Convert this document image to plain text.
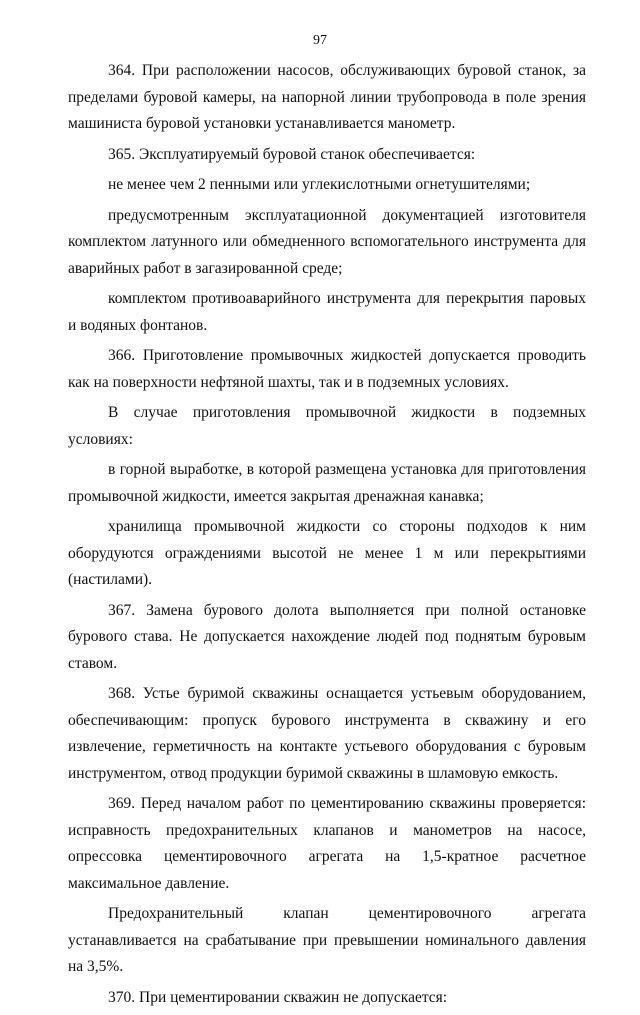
97

364. При расположении насосов, обслуживающих буровой станок, за пределами буровой камеры, на напорной линии трубопровода в поле зрения машиниста буровой установки устанавливается манометр.

365. Эксплуатируемый буровой станок обеспечивается:

не менее чем 2 пенными или углекислотными огнетушителями;

предусмотренным эксплуатационной документацией изготовителя комплектом латунного или обмедненного вспомогательного инструмента для аварийных работ в загазированной среде;

комплектом противоаварийного инструмента для перекрытия паровых и водяных фонтанов.

366. Приготовление промывочных жидкостей допускается проводить как на поверхности нефтяной шахты, так и в подземных условиях.

В случае приготовления промывочной жидкости в подземных условиях:

в горной выработке, в которой размещена установка для приготовления промывочной жидкости, имеется закрытая дренажная канавка;

хранилища промывочной жидкости со стороны подходов к ним оборудуются ограждениями высотой не менее 1 м или перекрытиями (настилами).

367. Замена бурового долота выполняется при полной остановке бурового става. Не допускается нахождение людей под поднятым буровым ставом.

368. Устье буримой скважины оснащается устьевым оборудованием, обеспечивающим: пропуск бурового инструмента в скважину и его извлечение, герметичность на контакте устьевого оборудования с буровым инструментом, отвод продукции буримой скважины в шламовую емкость.

369. Перед началом работ по цементированию скважины проверяется: исправность предохранительных клапанов и манометров на насосе, опрессовка цементировочного агрегата на 1,5-кратное расчетное максимальное давление.

Предохранительный клапан цементировочного агрегата устанавливается на срабатывание при превышении номинального давления на 3,5%.

370. При цементировании скважин не допускается:
